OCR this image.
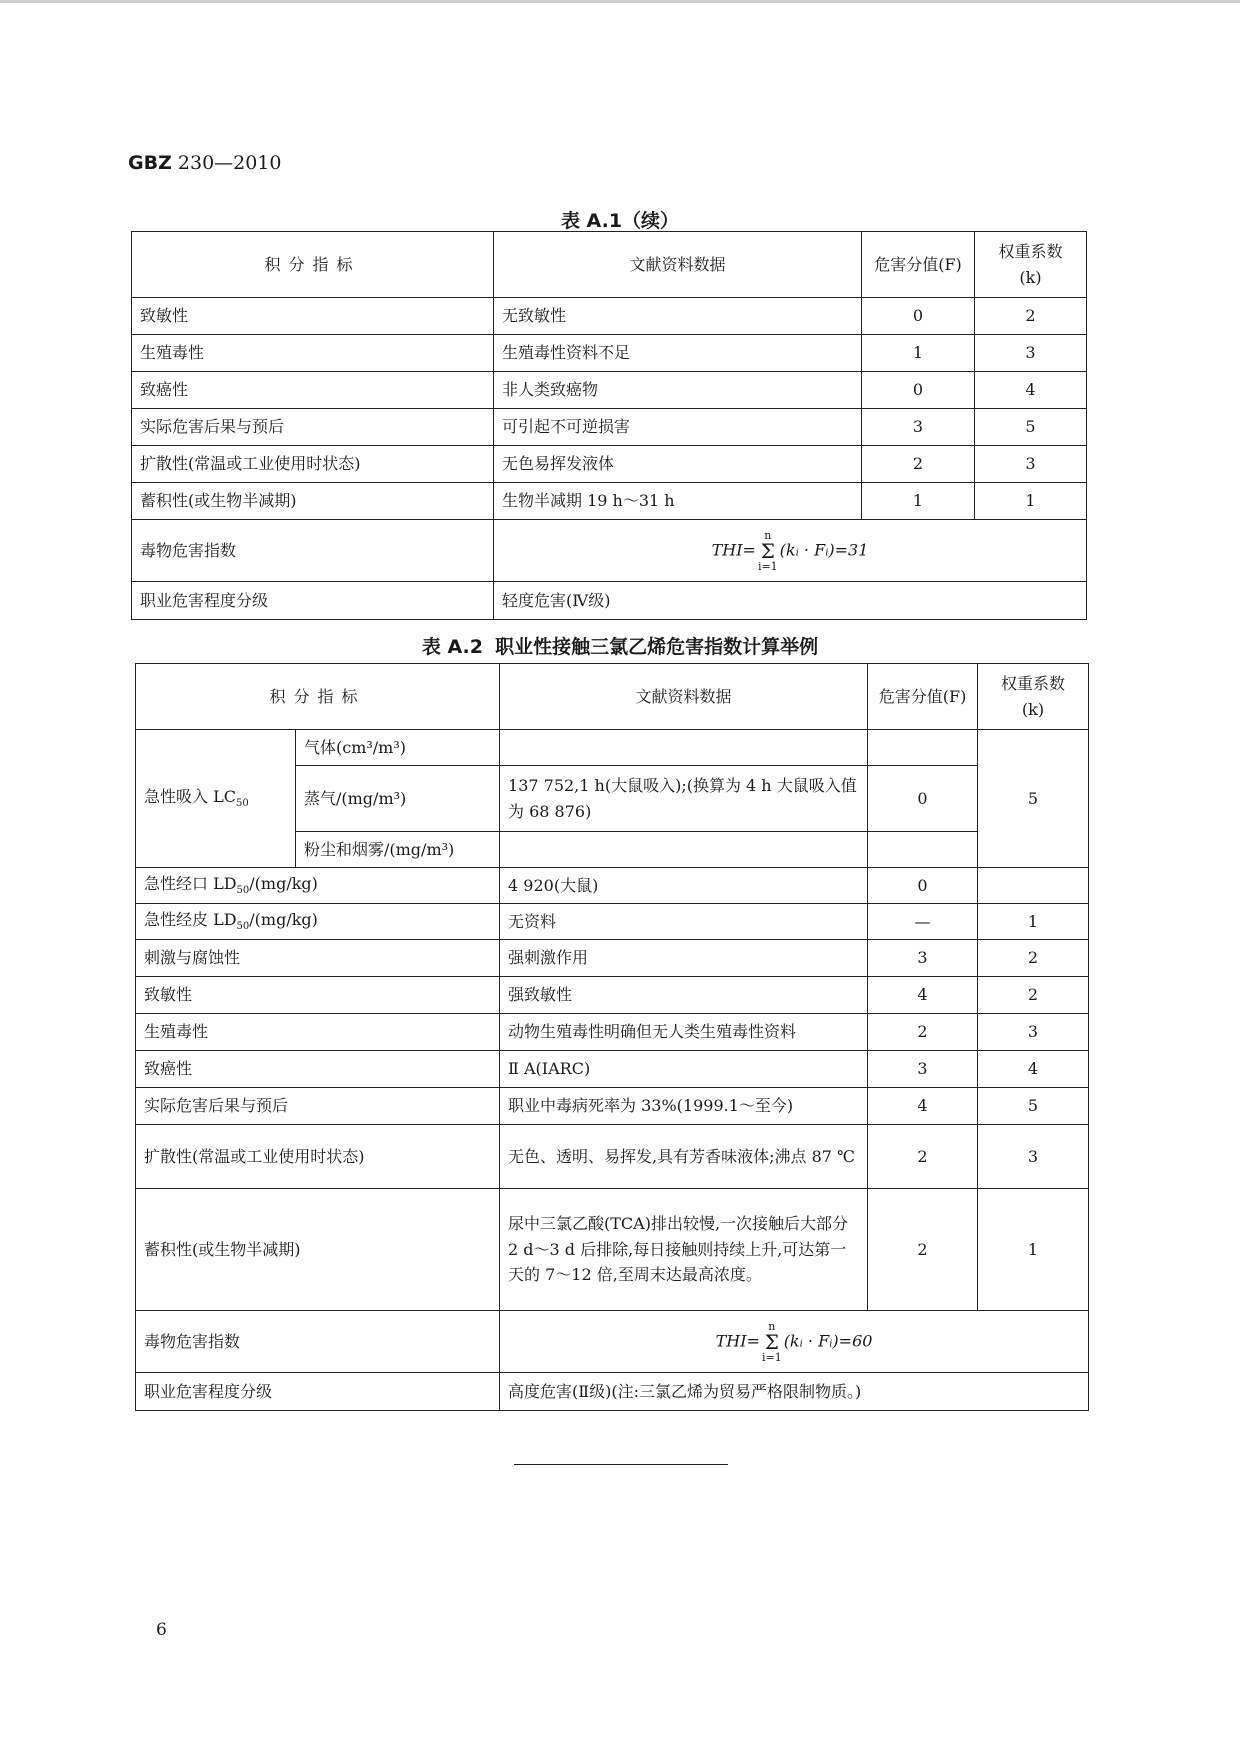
GBZ 230—2010
表 A.1（续）
积分指标	文献资料数据	危害分值(F)	权重系数
(k)
致敏性	无致敏性	0	2
生殖毒性	生殖毒性资料不足	1	3
致癌性	非人类致癌物	0	4
实际危害后果与预后	可引起不可逆损害	3	5
扩散性(常温或工业使用时状态)	无色易挥发液体	2	3
蓄积性(或生物半减期)	生物半减期 19 h～31 h	1	1
毒物危害指数	THI=n
Σ
i=1(kᵢ · Fᵢ)=31		
职业危害程度分级	轻度危害(Ⅳ级)		
表 A.2 职业性接触三氯乙烯危害指数计算举例
积分指标		文献资料数据	危害分值(F)	权重系数
(k)
急性吸入 $LC_{50}$	气体(cm³/m³)			5
	蒸气/(mg/m³)	137 752,1 h(大鼠吸入);(换算为 4 h 大鼠吸入值为 68 876)	0	
	粉尘和烟雾/(mg/m³)			
急性经口 $LD_{50}/(mg/kg)$		4 920(大鼠)	0	
急性经皮 $LD_{50}/(mg/kg)$		无资料	—	1
刺激与腐蚀性		强刺激作用	3	2
致敏性		强致敏性	4	2
生殖毒性		动物生殖毒性明确但无人类生殖毒性资料	2	3
致癌性		Ⅱ A(IARC)	3	4
实际危害后果与预后		职业中毒病死率为 33%(1999.1～至今)	4	5
扩散性(常温或工业使用时状态)		无色、透明、易挥发,具有芳香味液体;沸点 87 ℃	2	3
蓄积性(或生物半减期)		尿中三氯乙酸(TCA)排出较慢,一次接触后大部分 2 d～3 d 后排除,每日接触则持续上升,可达第一天的 7～12 倍,至周末达最高浓度。	2	1
毒物危害指数		THI=n
Σ
i=1(kᵢ · Fᵢ)=60		
职业危害程度分级		高度危害(Ⅱ级)(注:三氯乙烯为贸易严格限制物质。)		
6
